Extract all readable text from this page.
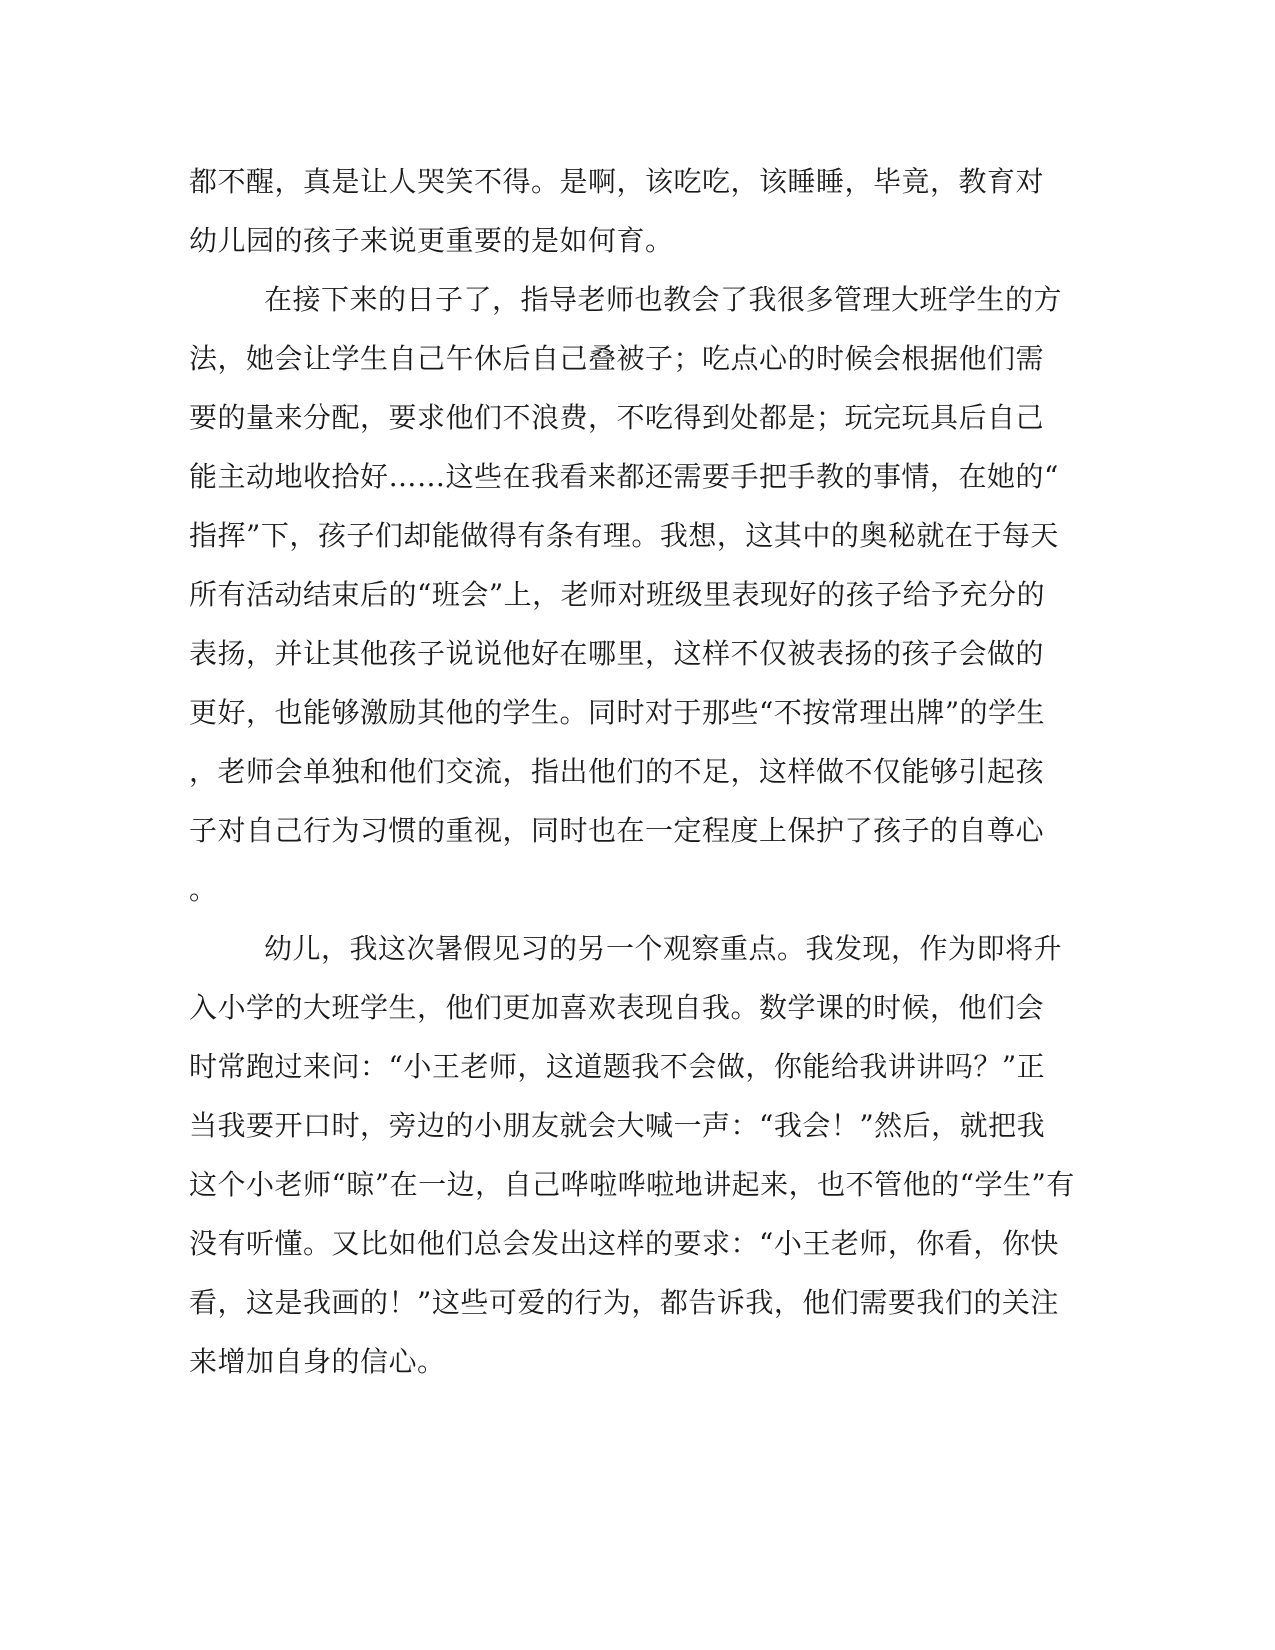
都不醒，真是让人哭笑不得。是啊，该吃吃，该睡睡，毕竟，教育对
幼儿园的孩子来说更重要的是如何育。
在接下来的日子了，指导老师也教会了我很多管理大班学生的方
法，她会让学生自己午休后自己叠被子；吃点心的时候会根据他们需
要的量来分配，要求他们不浪费，不吃得到处都是；玩完玩具后自己
能主动地收拾好……这些在我看来都还需要手把手教的事情，在她的“
指挥”下，孩子们却能做得有条有理。我想，这其中的奥秘就在于每天
所有活动结束后的“班会”上，老师对班级里表现好的孩子给予充分的
表扬，并让其他孩子说说他好在哪里，这样不仅被表扬的孩子会做的
更好，也能够激励其他的学生。同时对于那些“不按常理出牌”的学生
，老师会单独和他们交流，指出他们的不足，这样做不仅能够引起孩
子对自己行为习惯的重视，同时也在一定程度上保护了孩子的自尊心
。
幼儿，我这次暑假见习的另一个观察重点。我发现，作为即将升
入小学的大班学生，他们更加喜欢表现自我。数学课的时候，他们会
时常跑过来问：“小王老师，这道题我不会做，你能给我讲讲吗？”正
当我要开口时，旁边的小朋友就会大喊一声：“我会！”然后，就把我
这个小老师“晾”在一边，自己哗啦哗啦地讲起来，也不管他的“学生”有
没有听懂。又比如他们总会发出这样的要求：“小王老师，你看，你快
看，这是我画的！”这些可爱的行为，都告诉我，他们需要我们的关注
来增加自身的信心。
